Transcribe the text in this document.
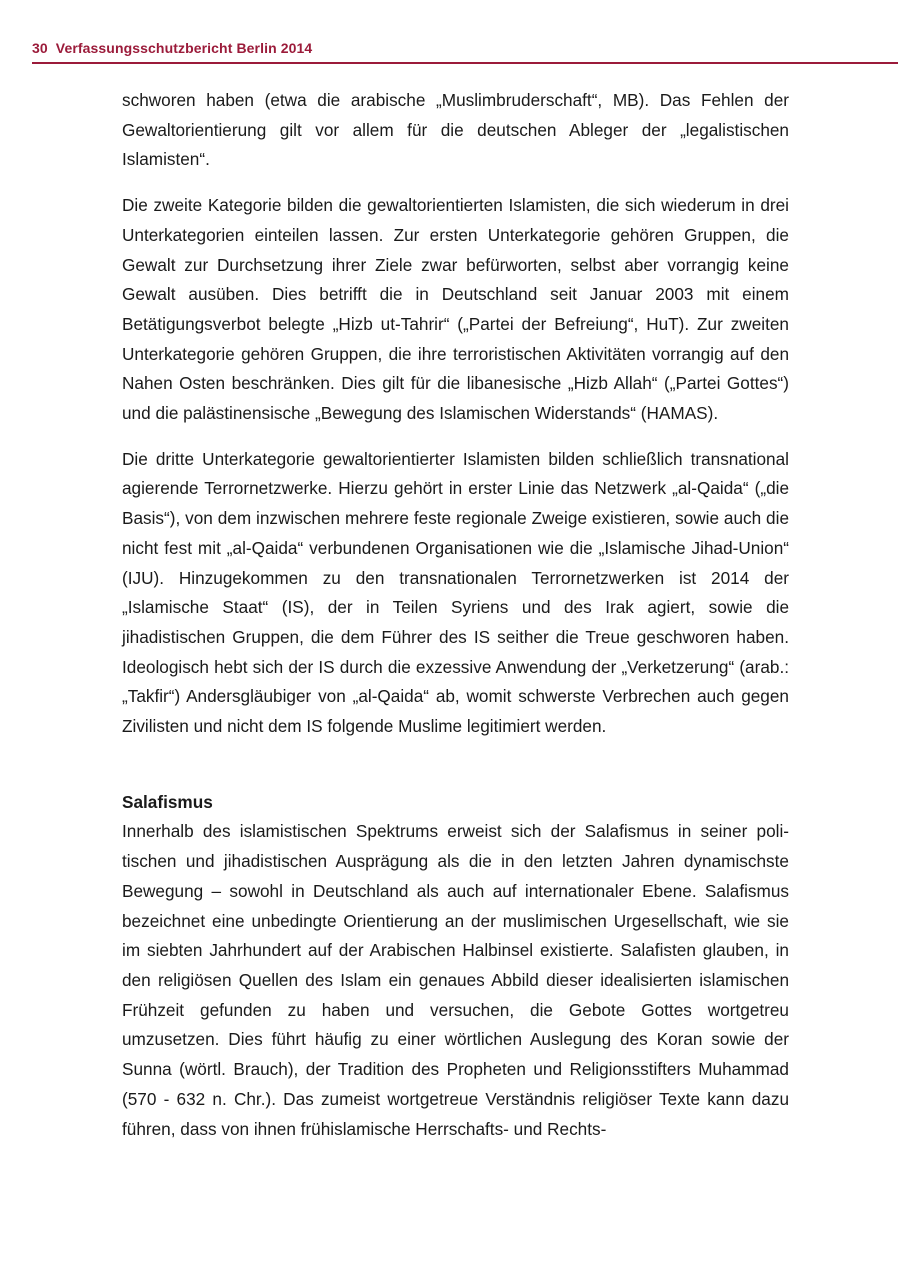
30 Verfassungsschutzbericht Berlin 2014

schworen haben (etwa die arabische „Muslimbruderschaft“, MB). Das Fehlen der Gewaltorientierung gilt vor allem für die deutschen Ableger der „legalistischen Islamisten“.

Die zweite Kategorie bilden die gewaltorientierten Islamisten, die sich wiederum in drei Unterkategorien einteilen lassen. Zur ersten Unterkategorie gehören Gruppen, die Gewalt zur Durchsetzung ihrer Ziele zwar befürworten, selbst aber vorrangig keine Gewalt ausüben. Dies betrifft die in Deutschland seit Januar 2003 mit einem Betätigungsverbot belegte „Hizb ut-Tahrir“ („Partei der Befreiung“, HuT). Zur zweiten Unterkategorie gehören Gruppen, die ihre terroristischen Aktivitäten vorrangig auf den Nahen Osten beschränken. Dies gilt für die libanesische „Hizb Allah“ („Partei Gottes“) und die palästinensische „Bewegung des Islamischen Widerstands“ (HAMAS).

Die dritte Unterkategorie gewaltorientierter Islamisten bilden schließlich transnational agierende Terrornetzwerke. Hierzu gehört in erster Linie das Netzwerk „al-Qaida“ („die Basis“), von dem inzwischen mehrere feste regionale Zweige existieren, sowie auch die nicht fest mit „al-Qaida“ verbundenen Organisationen wie die „Islamische Jihad-Union“ (IJU). Hinzugekommen zu den transnationalen Terrornetzwerken ist 2014 der „Islamische Staat“ (IS), der in Teilen Syriens und des Irak agiert, sowie die jihadistischen Gruppen, die dem Führer des IS seither die Treue geschworen haben. Ideologisch hebt sich der IS durch die exzessive Anwendung der „Verketzerung“ (arab.: „Takfir“) Andersgläubiger von „al-Qaida“ ab, womit schwerste Verbrechen auch gegen Zivilisten und nicht dem IS folgende Muslime legitimiert werden.

Salafismus

Innerhalb des islamistischen Spektrums erweist sich der Salafismus in seiner politischen und jihadistischen Ausprägung als die in den letzten Jahren dynamischste Bewegung – sowohl in Deutschland als auch auf internationaler Ebene. Salafismus bezeichnet eine unbedingte Orientierung an der muslimischen Urgesellschaft, wie sie im siebten Jahrhundert auf der Arabischen Halbinsel existierte. Salafisten glauben, in den religiösen Quellen des Islam ein genaues Abbild dieser idealisierten islamischen Frühzeit gefunden zu haben und versuchen, die Gebote Gottes wortgetreu umzusetzen. Dies führt häufig zu einer wörtlichen Auslegung des Koran sowie der Sunna (wörtl. Brauch), der Tradition des Propheten und Religionsstifters Muhammad (570 - 632 n. Chr.). Das zumeist wortgetreue Verständnis religiöser Texte kann dazu führen, dass von ihnen frühislamische Herrschafts- und Rechts-
